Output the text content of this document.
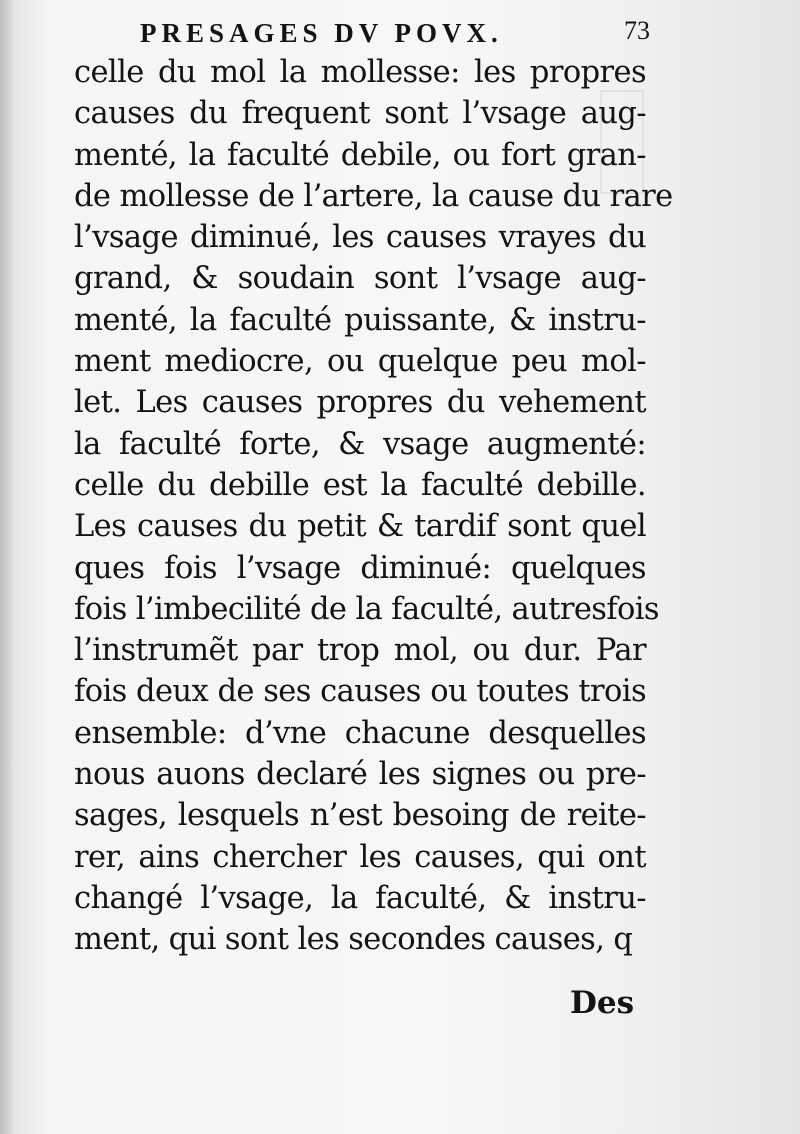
PRESAGES DV POVX.	73
celle du mol la mollesse: les propres
causes du frequent sont l’vsage aug-
menté, la faculté debile, ou fort gran-
de mollesse de l’artere, la cause du rare
l’vsage diminué, les causes vrayes du
grand, & soudain sont l’vsage aug-
menté, la faculté puissante, & instru-
ment mediocre, ou quelque peu mol-
let. Les causes propres du vehement
la faculté forte, & vsage augmenté:
celle du debille est la faculté debille.
Les causes du petit & tardif sont quel
ques fois l’vsage diminué: quelques
fois l’imbecilité de la faculté, autresfois
l’instrumẽt par trop mol, ou dur. Par
fois deux de ses causes ou toutes trois
ensemble: d’vne chacune desquelles
nous auons declaré les signes ou pre-
sages, lesquels n’est besoing de reite-
rer, ains chercher les causes, qui ont
changé l’vsage, la faculté, & instru-
ment, qui sont les secondes causes, q
Des
